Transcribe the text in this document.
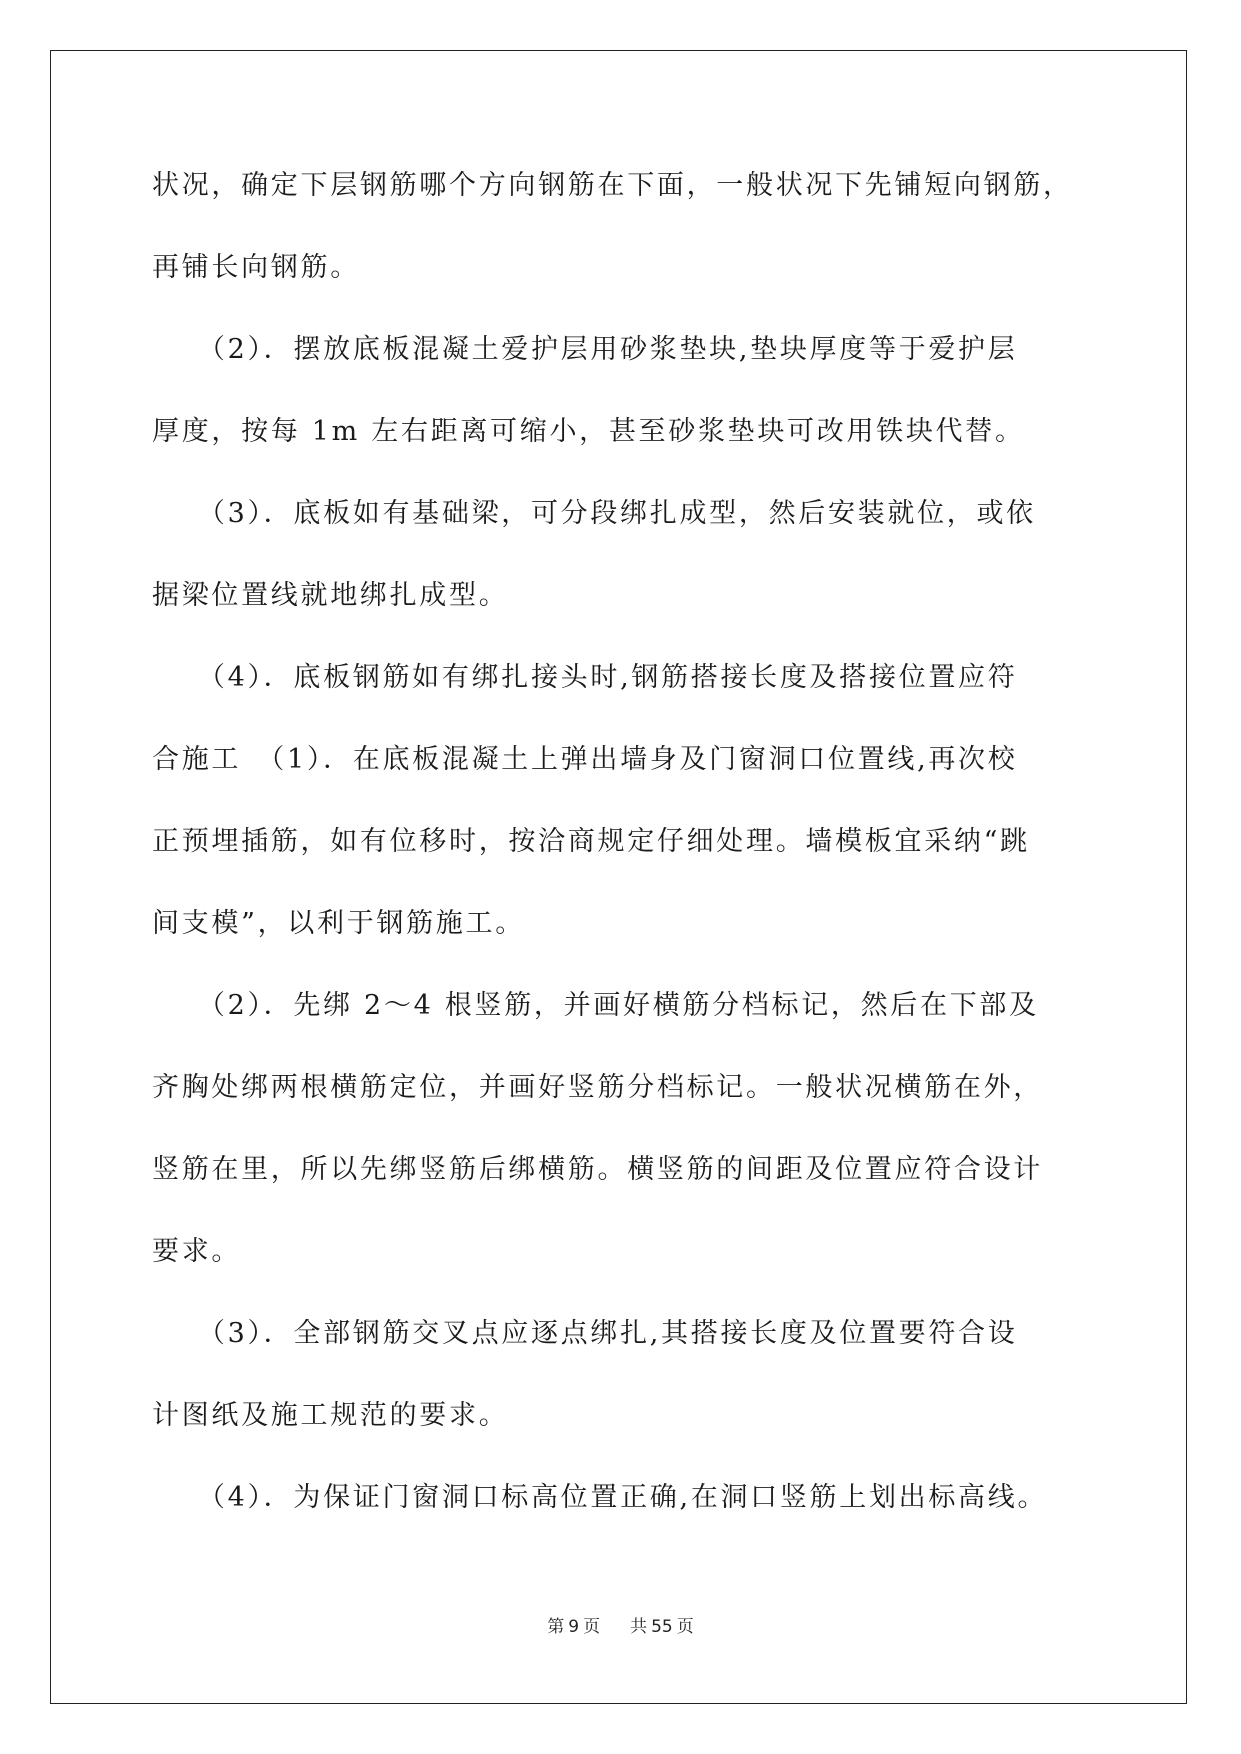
状况，确定下层钢筋哪个方向钢筋在下面，一般状况下先铺短向钢筋，
再铺长向钢筋。
　　（2）．摆放底板混凝土爱护层用砂浆垫块,垫块厚度等于爱护层
厚度，按每 1m 左右距离可缩小，甚至砂浆垫块可改用铁块代替。
　　（3）．底板如有基础梁，可分段绑扎成型，然后安装就位，或依
据梁位置线就地绑扎成型。
　　（4）．底板钢筋如有绑扎接头时,钢筋搭接长度及搭接位置应符
合施工　（1）．在底板混凝土上弹出墙身及门窗洞口位置线,再次校
正预埋插筋，如有位移时，按洽商规定仔细处理。墙模板宜采纳“跳
间支模”，以利于钢筋施工。
　　（2）．先绑 2～4 根竖筋，并画好横筋分档标记，然后在下部及
齐胸处绑两根横筋定位，并画好竖筋分档标记。一般状况横筋在外，
竖筋在里，所以先绑竖筋后绑横筋。横竖筋的间距及位置应符合设计
要求。
　　（3）．全部钢筋交叉点应逐点绑扎,其搭接长度及位置要符合设
计图纸及施工规范的要求。
　　（4）．为保证门窗洞口标高位置正确,在洞口竖筋上划出标高线。
第 9 页 共 55 页
